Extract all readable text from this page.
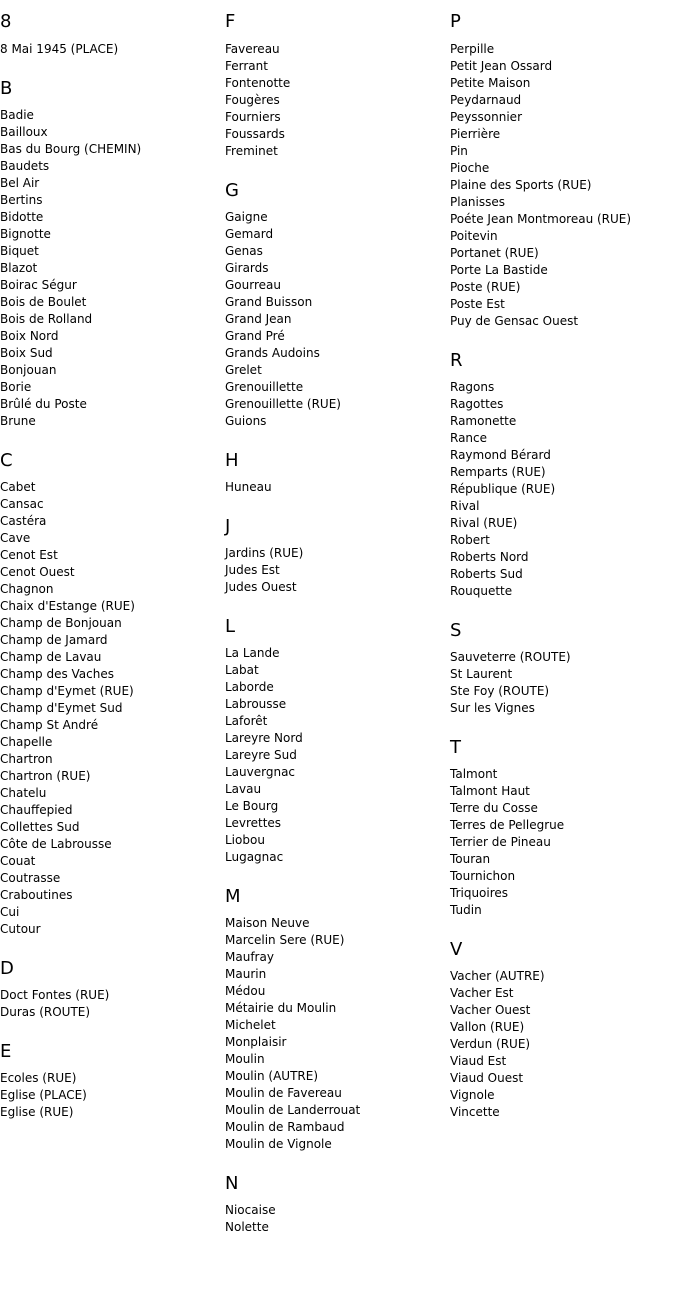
8
8 Mai 1945 (PLACE)
B
Badie
Bailloux
Bas du Bourg (CHEMIN)
Baudets
Bel Air
Bertins
Bidotte
Bignotte
Biquet
Blazot
Boirac Ségur
Bois de Boulet
Bois de Rolland
Boix Nord
Boix Sud
Bonjouan
Borie
Brûlé du Poste
Brune
C
Cabet
Cansac
Castéra
Cave
Cenot Est
Cenot Ouest
Chagnon
Chaix d'Estange (RUE)
Champ de Bonjouan
Champ de Jamard
Champ de Lavau
Champ des Vaches
Champ d'Eymet (RUE)
Champ d'Eymet Sud
Champ St André
Chapelle
Chartron
Chartron (RUE)
Chatelu
Chauffepied
Collettes Sud
Côte de Labrousse
Couat
Coutrasse
Craboutines
Cui
Cutour
D
Doct Fontes (RUE)
Duras (ROUTE)
E
Ecoles (RUE)
Eglise (PLACE)
Eglise (RUE)
F
Favereau
Ferrant
Fontenotte
Fougères
Fourniers
Foussards
Freminet
G
Gaigne
Gemard
Genas
Girards
Gourreau
Grand Buisson
Grand Jean
Grand Pré
Grands Audoins
Grelet
Grenouillette
Grenouillette (RUE)
Guions
H
Huneau
J
Jardins (RUE)
Judes Est
Judes Ouest
L
La Lande
Labat
Laborde
Labrousse
Laforêt
Lareyre Nord
Lareyre Sud
Lauvergnac
Lavau
Le Bourg
Levrettes
Liobou
Lugagnac
M
Maison Neuve
Marcelin Sere (RUE)
Maufray
Maurin
Médou
Métairie du Moulin
Michelet
Monplaisir
Moulin
Moulin (AUTRE)
Moulin de Favereau
Moulin de Landerrouat
Moulin de Rambaud
Moulin de Vignole
N
Niocaise
Nolette
P
Perpille
Petit Jean Ossard
Petite Maison
Peydarnaud
Peyssonnier
Pierrière
Pin
Pioche
Plaine des Sports (RUE)
Planisses
Poéte Jean Montmoreau (RUE)
Poitevin
Portanet (RUE)
Porte La Bastide
Poste (RUE)
Poste Est
Puy de Gensac Ouest
R
Ragons
Ragottes
Ramonette
Rance
Raymond Bérard
Remparts (RUE)
République (RUE)
Rival
Rival (RUE)
Robert
Roberts Nord
Roberts Sud
Rouquette
S
Sauveterre (ROUTE)
St Laurent
Ste Foy (ROUTE)
Sur les Vignes
T
Talmont
Talmont Haut
Terre du Cosse
Terres de Pellegrue
Terrier de Pineau
Touran
Tournichon
Triquoires
Tudin
V
Vacher (AUTRE)
Vacher Est
Vacher Ouest
Vallon (RUE)
Verdun (RUE)
Viaud Est
Viaud Ouest
Vignole
Vincette
